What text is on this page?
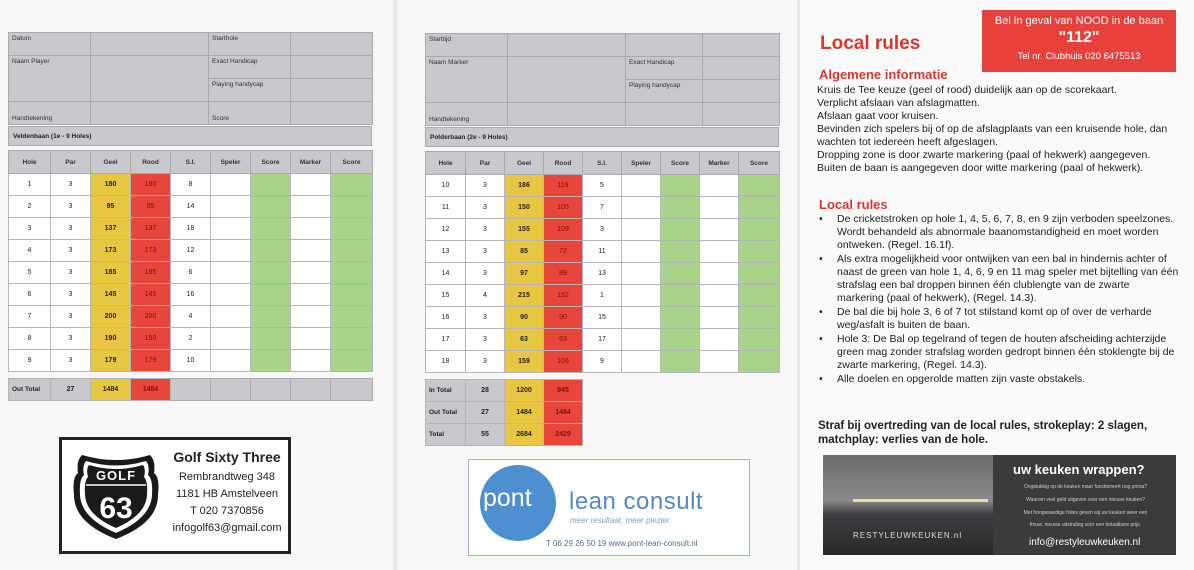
Datum		Starthole	
Naam Player		Exact Handicap	
		Playing handycap	
Handtekening		Score	
Veldenbaan (1e - 9 Holes)
Hole	Par	Geel	Rood	S.I.	Speler	Score	Marker	Score
1	3	180	180	8				
2	3	95	95	14				
3	3	137	137	18				
4	3	173	173	12				
5	3	185	185	6				
6	3	145	145	16				
7	3	200	200	4				
8	3	190	190	2				
9	3	179	179	10				

Out Total	27	1484	1484					
Starttijd			
Naam Marker		Exact Handicap	
		Playing handycap	
Handtekening			
Polderbaan (2e - 9 Holes)
Hole	Par	Geel	Rood	S.I.	Speler	Score	Marker	Score
10	3	186	119	5				
11	3	150	105	7				
12	3	155	109	3				
13	3	85	72	11				
14	3	97	89	13				
15	4	215	192	1				
16	3	90	90	15				
17	3	63	63	17				
18	3	159	106	9				

In Total	28	1200	945					
Out Total	27	1484	1484					
Total	55	2684	2429					
GOLF
63
Golf Sixty Three
Rembrandtweg 348
1181 HB Amstelveen
T 020 7370856
infogolf63@gmail.com
pont lean consult
meer resultaat, meer plezier
T 06 29 26 50 19 www.pont-lean-consult.nl
Bel in geval van NOOD in de baan
"112"
Tel nr. Clubhuis 020 6475513
Local rules
Algemene informatie
Kruis de Tee keuze (geel of rood) duidelijk aan op de scorekaart.
Verplicht afslaan van afslagmatten.
Afslaan gaat voor kruisen.
Bevinden zich spelers bij of op de afslagplaats van een kruisende hole, dan wachten tot iedereen heeft afgeslagen.
Dropping zone is door zwarte markering (paal of hekwerk) aangegeven.
Buiten de baan is aangegeven door witte markering (paal of hekwerk).
Local rules
• De cricketstroken op hole 1, 4, 5, 6, 7, 8, en 9 zijn verboden speelzones. Wordt behandeld als abnormale baanomstandigheid en moet worden ontweken. (Regel. 16.1f).
• Als extra mogelijkheid voor ontwijken van een bal in hindernis achter of naast de green van hole 1, 4, 6, 9 en 11 mag speler met bijtelling van één strafslag een bal droppen binnen één clublengte van de zwarte markering (paal of hekwerk), (Regel. 14.3).
• De bal die bij hole 3, 6 of 7 tot stilstand komt op of over de verharde weg/asfalt is buiten de baan.
• Hole 3: De Bal op tegelrand of tegen de houten afscheiding achterzijde green mag zonder strafslag worden gedropt binnen één stoklengte bij de zwarte markering, (Regel. 14.3).
• Alle doelen en opgerolde matten zijn vaste obstakels.
Straf bij overtreding van de local rules, strokeplay: 2 slagen, matchplay: verlies van de hole.
RESTYLEUWKEUKEN.nl
uw keuken wrappen?
Ongelukkig op de keuken maar functioneert nog prima?
Waarom veel geld uitgeven voor een nieuwe keuken?
Met hoogwaardige folies geven wij uw keuken weer een
frisse, nieuwe uitstraling voor een betaalbare prijs.
info@restyleuwkeuken.nl
